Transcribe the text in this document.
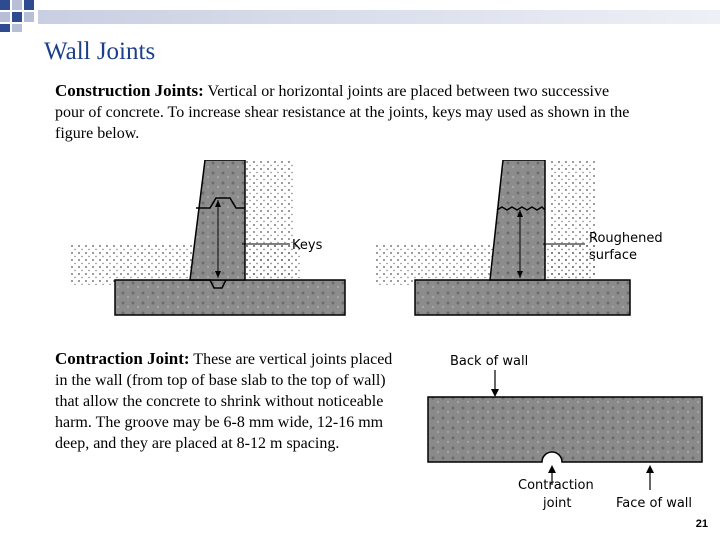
Wall Joints

Construction Joints: Vertical or horizontal joints are placed between two successive pour of concrete. To increase shear resistance at the joints, keys may used as shown in the figure below.

Keys	Roughened
surface

Contraction Joint: These are vertical joints placed in the wall (from top of base slab to the top of wall) that allow the concrete to shrink without noticeable harm. The groove may be 6-8 mm wide, 12-16 mm deep, and they are placed at 8-12 m spacing.

Back of wall
Contraction
joint	Face of wall
21
